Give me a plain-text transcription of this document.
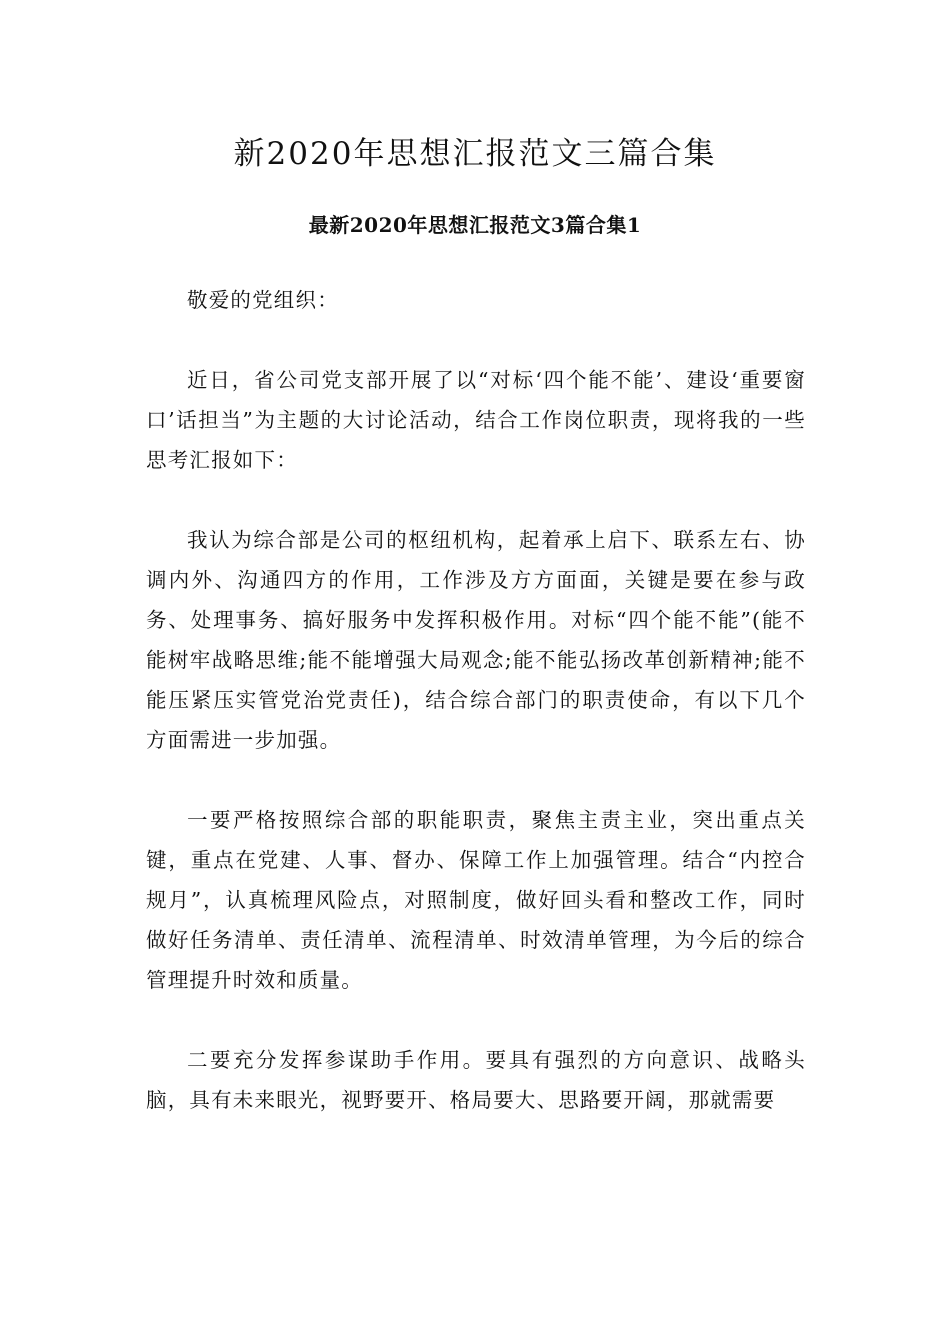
新2020年思想汇报范文三篇合集
最新2020年思想汇报范文3篇合集1

敬爱的党组织：

近日，省公司党支部开展了以“对标‘四个能不能’、建设‘重要窗口’话担当”为主题的大讨论活动，结合工作岗位职责，现将我的一些思考汇报如下：

我认为综合部是公司的枢纽机构，起着承上启下、联系左右、协调内外、沟通四方的作用，工作涉及方方面面，关键是要在参与政务、处理事务、搞好服务中发挥积极作用。对标“四个能不能”(能不能树牢战略思维;能不能增强大局观念;能不能弘扬改革创新精神;能不能压紧压实管党治党责任)，结合综合部门的职责使命，有以下几个方面需进一步加强。

一要严格按照综合部的职能职责，聚焦主责主业，突出重点关键，重点在党建、人事、督办、保障工作上加强管理。结合“内控合规月”，认真梳理风险点，对照制度，做好回头看和整改工作，同时做好任务清单、责任清单、流程清单、时效清单管理，为今后的综合管理提升时效和质量。

二要充分发挥参谋助手作用。要具有强烈的方向意识、战略头脑，具有未来眼光，视野要开、格局要大、思路要开阔，那就需要
